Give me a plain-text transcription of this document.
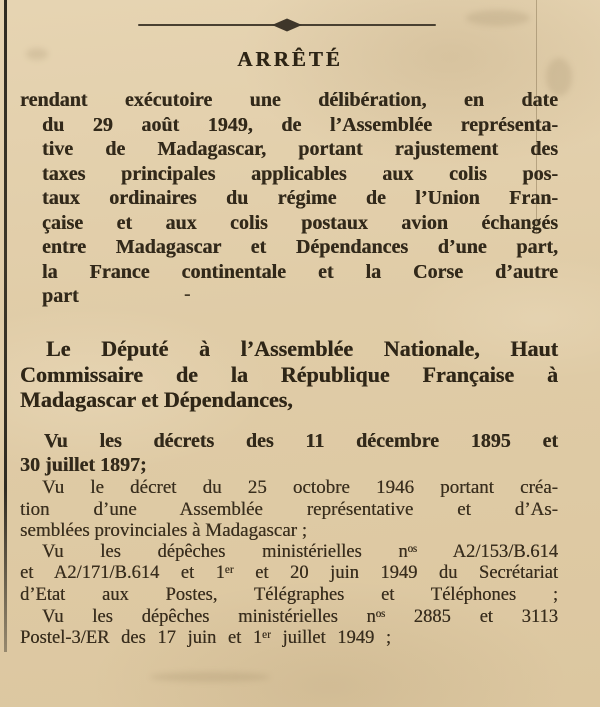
ARRÊTÉ
rendant exécutoire une délibération, en date
du 29 août 1949, de l’Assemblée représenta-
tive de Madagascar, portant rajustement des
taxes principales applicables aux colis pos-
taux ordinaires du régime de l’Union Fran-
çaise et aux colis postaux avion échangés
entre Madagascar et Dépendances d’une part,
la France continentale et la Corse d’autre
part	-
Le Député à l’Assemblée Nationale, Haut
Commissaire de la République Française à
Madagascar et Dépendances,
Vu les décrets des 11 décembre 1895 et
30 juillet 1897;
Vu le décret du 25 octobre 1946 portant créa-
tion d’une Assemblée représentative et d’As-
semblées provinciales à Madagascar ;
Vu les dépêches ministérielles nᵒˢ A2/153/B.614
et A2/171/B.614 et 1ᵉʳ et 20 juin 1949 du Secrétariat
d’Etat aux Postes, Télégraphes et Téléphones ;
Vu les dépêches ministérielles nᵒˢ 2885 et 3113
Postel-3/ER des 17 juin et 1ᵉʳ juillet 1949 ;
